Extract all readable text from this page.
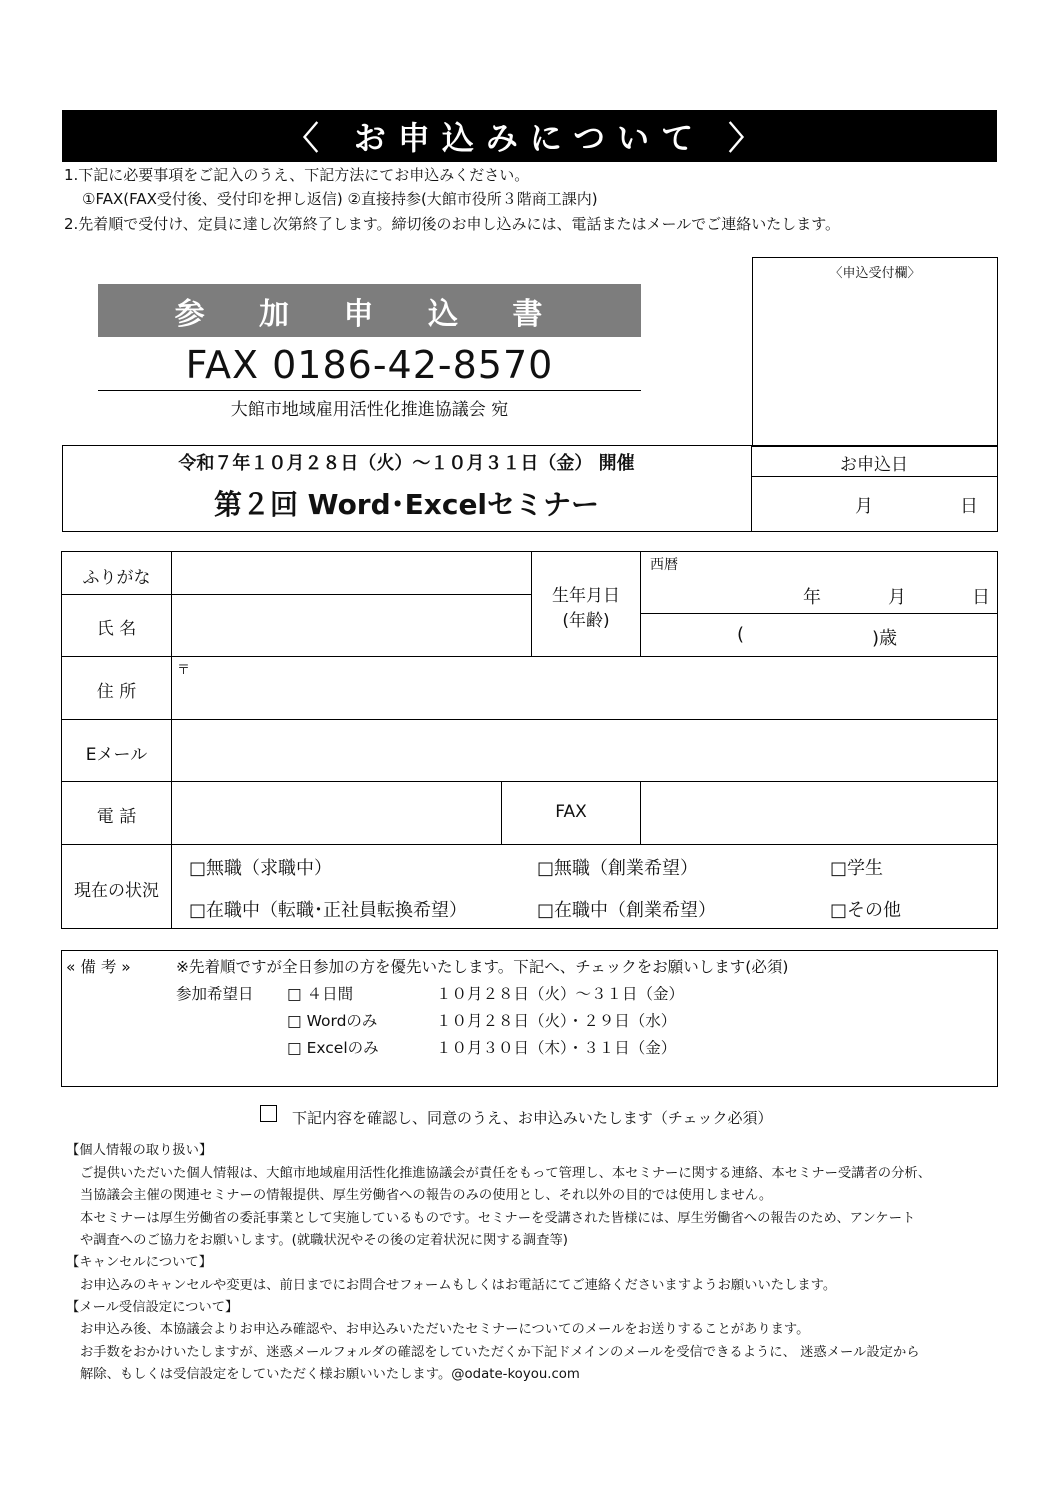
〈 お申込みについて 〉
1.下記に必要事項をご記入のうえ、下記方法にてお申込みください。
①FAX(FAX受付後、受付印を押し返信) ②直接持参(大館市役所３階商工課内)
2.先着順で受付け、定員に達し次第終了します。締切後のお申し込みには、電話またはメールでご連絡いたします。
参 加 申 込 書
FAX 0186-42-8570
大館市地域雇用活性化推進協議会 宛
〈申込受付欄〉
令和７年１０月２８日（火）～１０月３１日（金） 開催
第２回 Word･Excelセミナー
お申込日
月	日
ふりがな
氏 名
生年月日
(年齢)
西暦
年	月	日
(	)歳
住 所
〒
Eメール
電 話	FAX
現在の状況
□無職（求職中）	□無職（創業希望）	□学生
□在職中（転職･正社員転換希望）	□在職中（創業希望）	□その他
« 備 考 »	※先着順ですが全日参加の方を優先いたします。下記へ、チェックをお願いします(必須)
参加希望日 □ ４日間	１０月２８日（火）～３１日（金）
□ Wordのみ	１０月２８日（火）・２９日（水）
□ Excelのみ	１０月３０日（木）・３１日（金）
下記内容を確認し、同意のうえ、お申込みいたします（チェック必須）
【個人情報の取り扱い】
ご提供いただいた個人情報は、大館市地域雇用活性化推進協議会が責任をもって管理し、本セミナーに関する連絡、本セミナー受講者の分析、
当協議会主催の関連セミナーの情報提供、厚生労働省への報告のみの使用とし、それ以外の目的では使用しません。
本セミナーは厚生労働省の委託事業として実施しているものです。セミナーを受講された皆様には、厚生労働省への報告のため、アンケート
や調査へのご協力をお願いします。(就職状況やその後の定着状況に関する調査等)
【キャンセルについて】
お申込みのキャンセルや変更は、前日までにお問合せフォームもしくはお電話にてご連絡くださいますようお願いいたします。
【メール受信設定について】
お申込み後、本協議会よりお申込み確認や、お申込みいただいたセミナーについてのメールをお送りすることがあります。
お手数をおかけいたしますが、迷惑メールフォルダの確認をしていただくか下記ドメインのメールを受信できるように、 迷惑メール設定から
解除、もしくは受信設定をしていただく様お願いいたします。@odate-koyou.com
